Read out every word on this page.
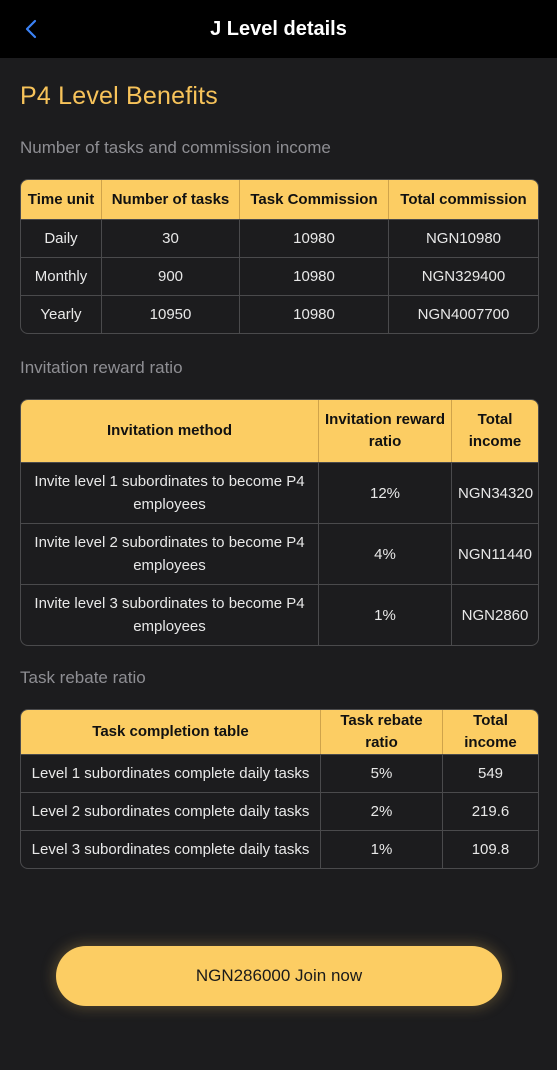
J Level details
P4 Level Benefits
Number of tasks and commission income
Time unit	Number of tasks	Task Commission	Total commission
Daily	30	10980	NGN10980
Monthly	900	10980	NGN329400
Yearly	10950	10980	NGN4007700
Invitation reward ratio
Invitation method	Invitation reward ratio	Total income
Invite level 1 subordinates to become P4 employees	12%	NGN34320
Invite level 2 subordinates to become P4 employees	4%	NGN11440
Invite level 3 subordinates to become P4 employees	1%	NGN2860
Task rebate ratio
Task completion table	Task rebate ratio	Total income
Level 1 subordinates complete daily tasks	5%	549
Level 2 subordinates complete daily tasks	2%	219.6
Level 3 subordinates complete daily tasks	1%	109.8
NGN286000 Join now
